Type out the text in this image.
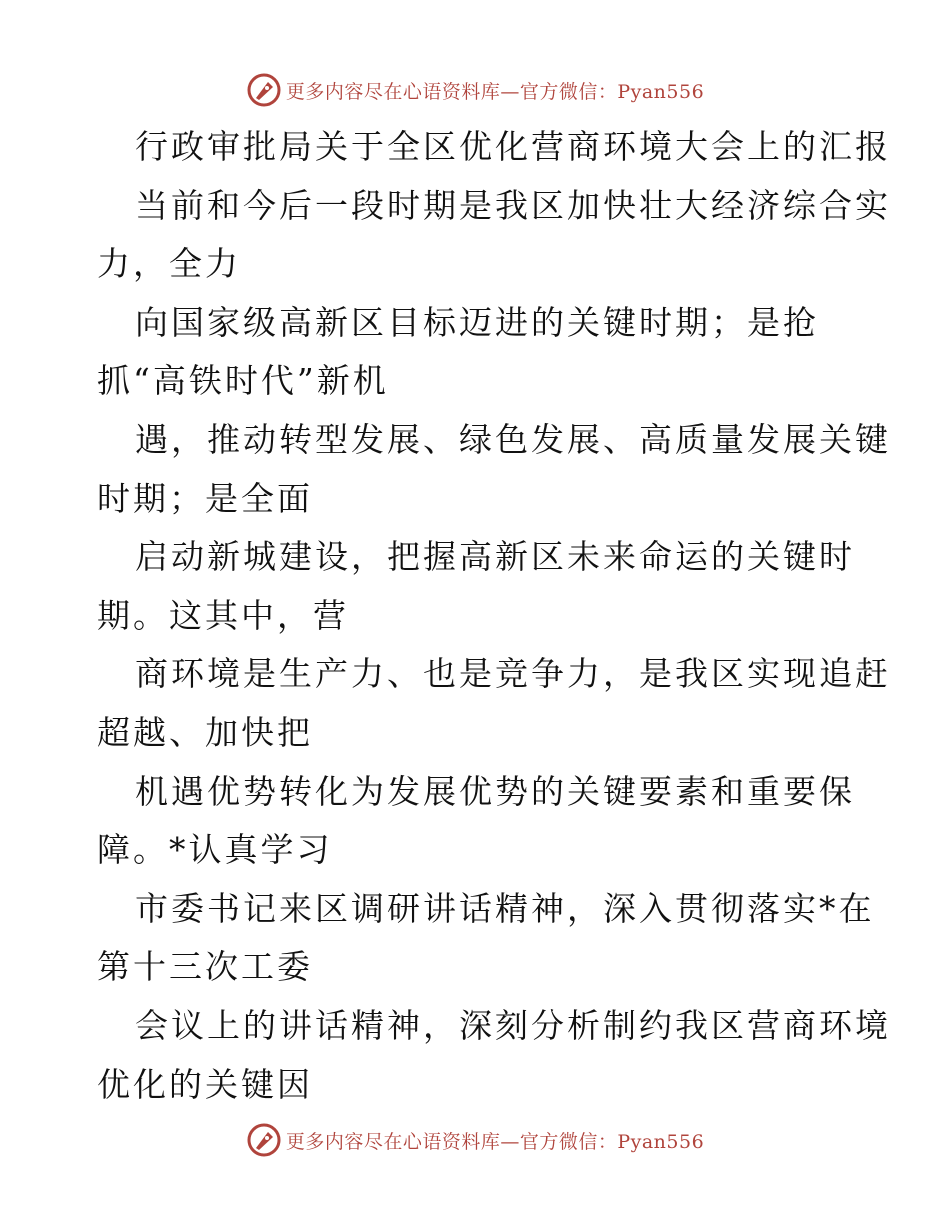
更多内容尽在心语资料库—官方微信：Pyan556
行政审批局关于全区优化营商环境大会上的汇报
当前和今后一段时期是我区加快壮大经济综合实
力，全力
向国家级高新区目标迈进的关键时期；是抢
抓“高铁时代”新机
遇，推动转型发展、绿色发展、高质量发展关键
时期；是全面
启动新城建设，把握高新区未来命运的关键时
期。这其中，营
商环境是生产力、也是竞争力，是我区实现追赶
超越、加快把
机遇优势转化为发展优势的关键要素和重要保
障。*认真学习
市委书记来区调研讲话精神，深入贯彻落实*在
第十三次工委
会议上的讲话精神，深刻分析制约我区营商环境
优化的关键因
更多内容尽在心语资料库—官方微信：Pyan556
